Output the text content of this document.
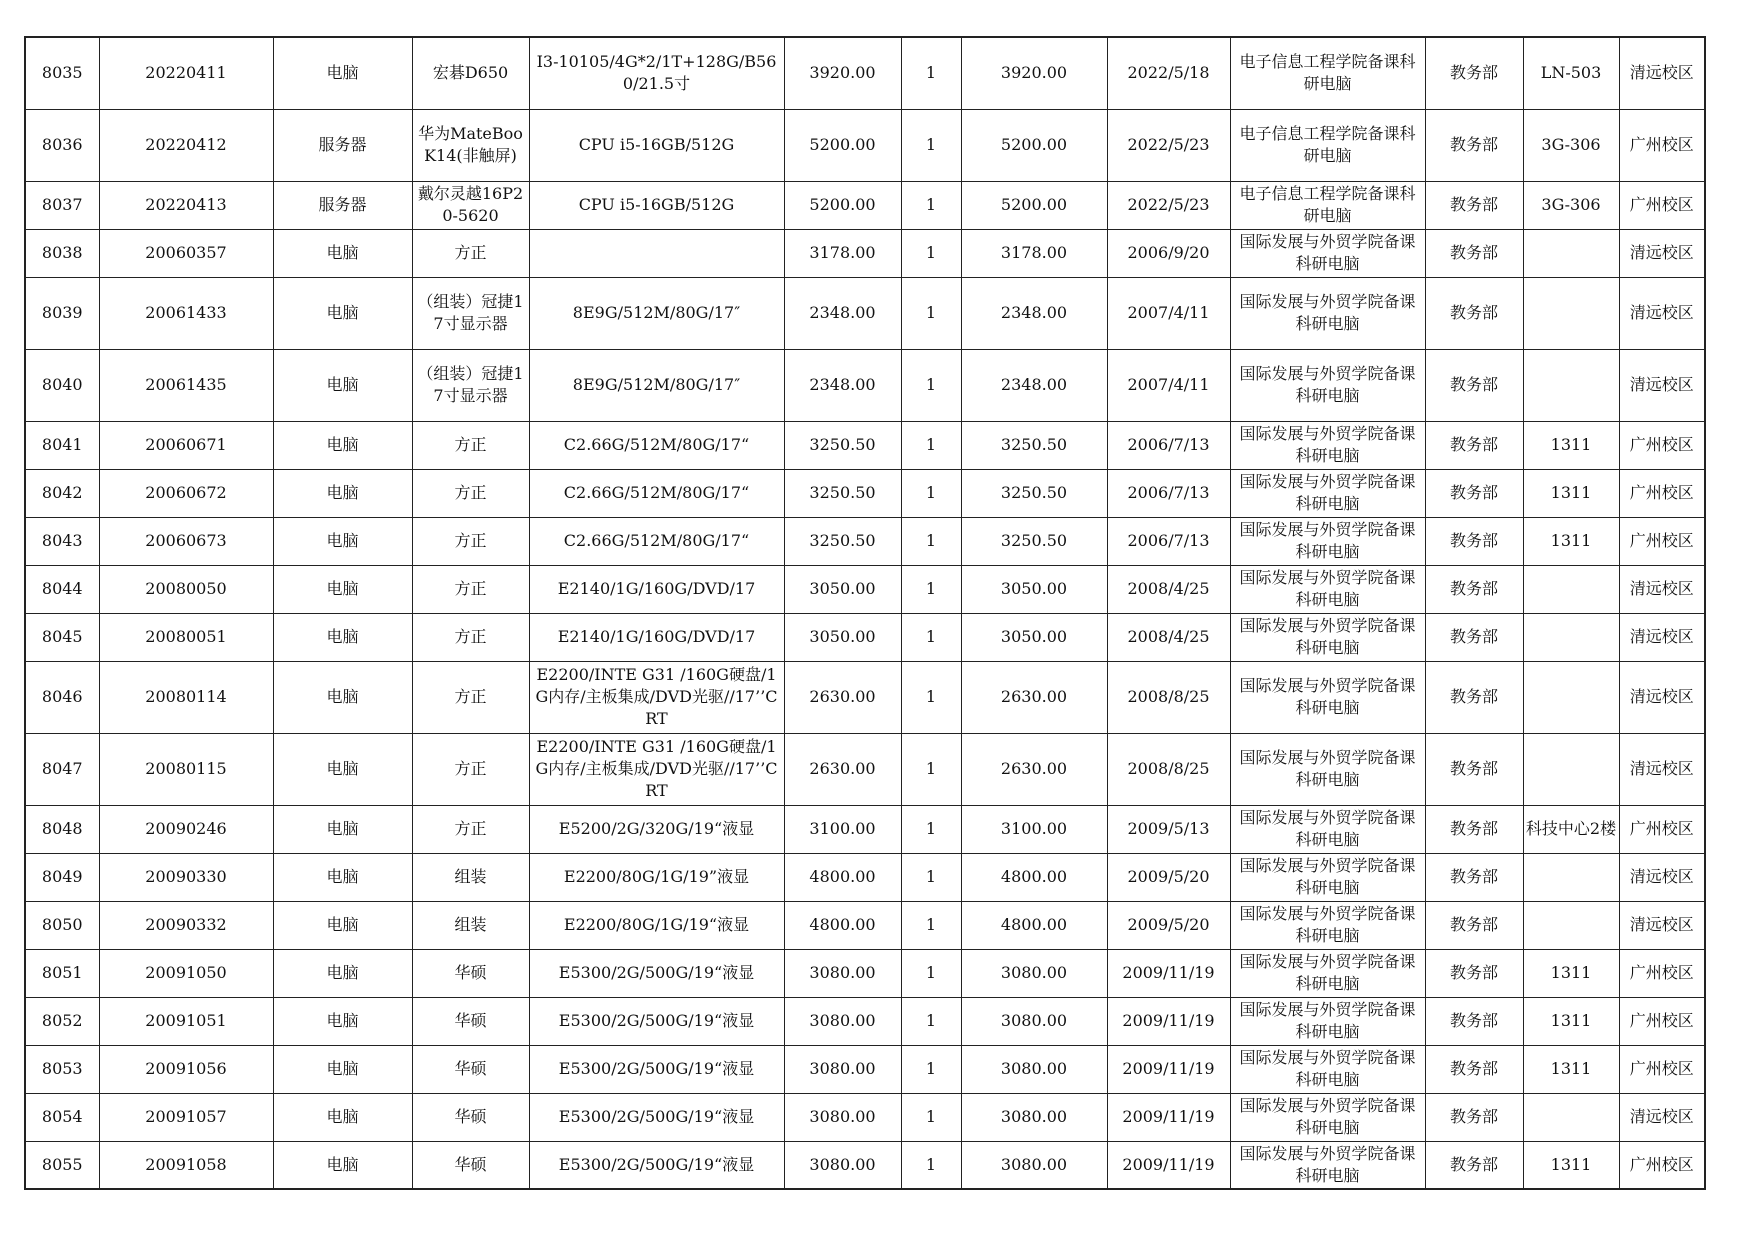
8035	20220411	电脑	宏碁D650	I3-10105/4G*2/1T+128G/B560/21.5寸	3920.00	1	3920.00	2022/5/18	电子信息工程学院备课科研电脑	教务部	LN-503	清远校区
8036	20220412	服务器	华为MateBooK14(非触屏)	CPU i5-16GB/512G	5200.00	1	5200.00	2022/5/23	电子信息工程学院备课科研电脑	教务部	3G-306	广州校区
8037	20220413	服务器	戴尔灵越16P20-5620	CPU i5-16GB/512G	5200.00	1	5200.00	2022/5/23	电子信息工程学院备课科研电脑	教务部	3G-306	广州校区
8038	20060357	电脑	方正		3178.00	1	3178.00	2006/9/20	国际发展与外贸学院备课科研电脑	教务部		清远校区
8039	20061433	电脑	（组装）冠捷17寸显示器	8E9G/512M/80G/17″	2348.00	1	2348.00	2007/4/11	国际发展与外贸学院备课科研电脑	教务部		清远校区
8040	20061435	电脑	（组装）冠捷17寸显示器	8E9G/512M/80G/17″	2348.00	1	2348.00	2007/4/11	国际发展与外贸学院备课科研电脑	教务部		清远校区
8041	20060671	电脑	方正	C2.66G/512M/80G/17“	3250.50	1	3250.50	2006/7/13	国际发展与外贸学院备课科研电脑	教务部	1311	广州校区
8042	20060672	电脑	方正	C2.66G/512M/80G/17“	3250.50	1	3250.50	2006/7/13	国际发展与外贸学院备课科研电脑	教务部	1311	广州校区
8043	20060673	电脑	方正	C2.66G/512M/80G/17“	3250.50	1	3250.50	2006/7/13	国际发展与外贸学院备课科研电脑	教务部	1311	广州校区
8044	20080050	电脑	方正	E2140/1G/160G/DVD/17	3050.00	1	3050.00	2008/4/25	国际发展与外贸学院备课科研电脑	教务部		清远校区
8045	20080051	电脑	方正	E2140/1G/160G/DVD/17	3050.00	1	3050.00	2008/4/25	国际发展与外贸学院备课科研电脑	教务部		清远校区
8046	20080114	电脑	方正	E2200/INTE G31 /160G硬盘/1G内存/主板集成/DVD光驱//17’’CRT	2630.00	1	2630.00	2008/8/25	国际发展与外贸学院备课科研电脑	教务部		清远校区
8047	20080115	电脑	方正	E2200/INTE G31 /160G硬盘/1G内存/主板集成/DVD光驱//17’’CRT	2630.00	1	2630.00	2008/8/25	国际发展与外贸学院备课科研电脑	教务部		清远校区
8048	20090246	电脑	方正	E5200/2G/320G/19“液显	3100.00	1	3100.00	2009/5/13	国际发展与外贸学院备课科研电脑	教务部	科技中心2楼	广州校区
8049	20090330	电脑	组装	E2200/80G/1G/19”液显	4800.00	1	4800.00	2009/5/20	国际发展与外贸学院备课科研电脑	教务部		清远校区
8050	20090332	电脑	组装	E2200/80G/1G/19“液显	4800.00	1	4800.00	2009/5/20	国际发展与外贸学院备课科研电脑	教务部		清远校区
8051	20091050	电脑	华硕	E5300/2G/500G/19“液显	3080.00	1	3080.00	2009/11/19	国际发展与外贸学院备课科研电脑	教务部	1311	广州校区
8052	20091051	电脑	华硕	E5300/2G/500G/19“液显	3080.00	1	3080.00	2009/11/19	国际发展与外贸学院备课科研电脑	教务部	1311	广州校区
8053	20091056	电脑	华硕	E5300/2G/500G/19“液显	3080.00	1	3080.00	2009/11/19	国际发展与外贸学院备课科研电脑	教务部	1311	广州校区
8054	20091057	电脑	华硕	E5300/2G/500G/19“液显	3080.00	1	3080.00	2009/11/19	国际发展与外贸学院备课科研电脑	教务部		清远校区
8055	20091058	电脑	华硕	E5300/2G/500G/19“液显	3080.00	1	3080.00	2009/11/19	国际发展与外贸学院备课科研电脑	教务部	1311	广州校区
